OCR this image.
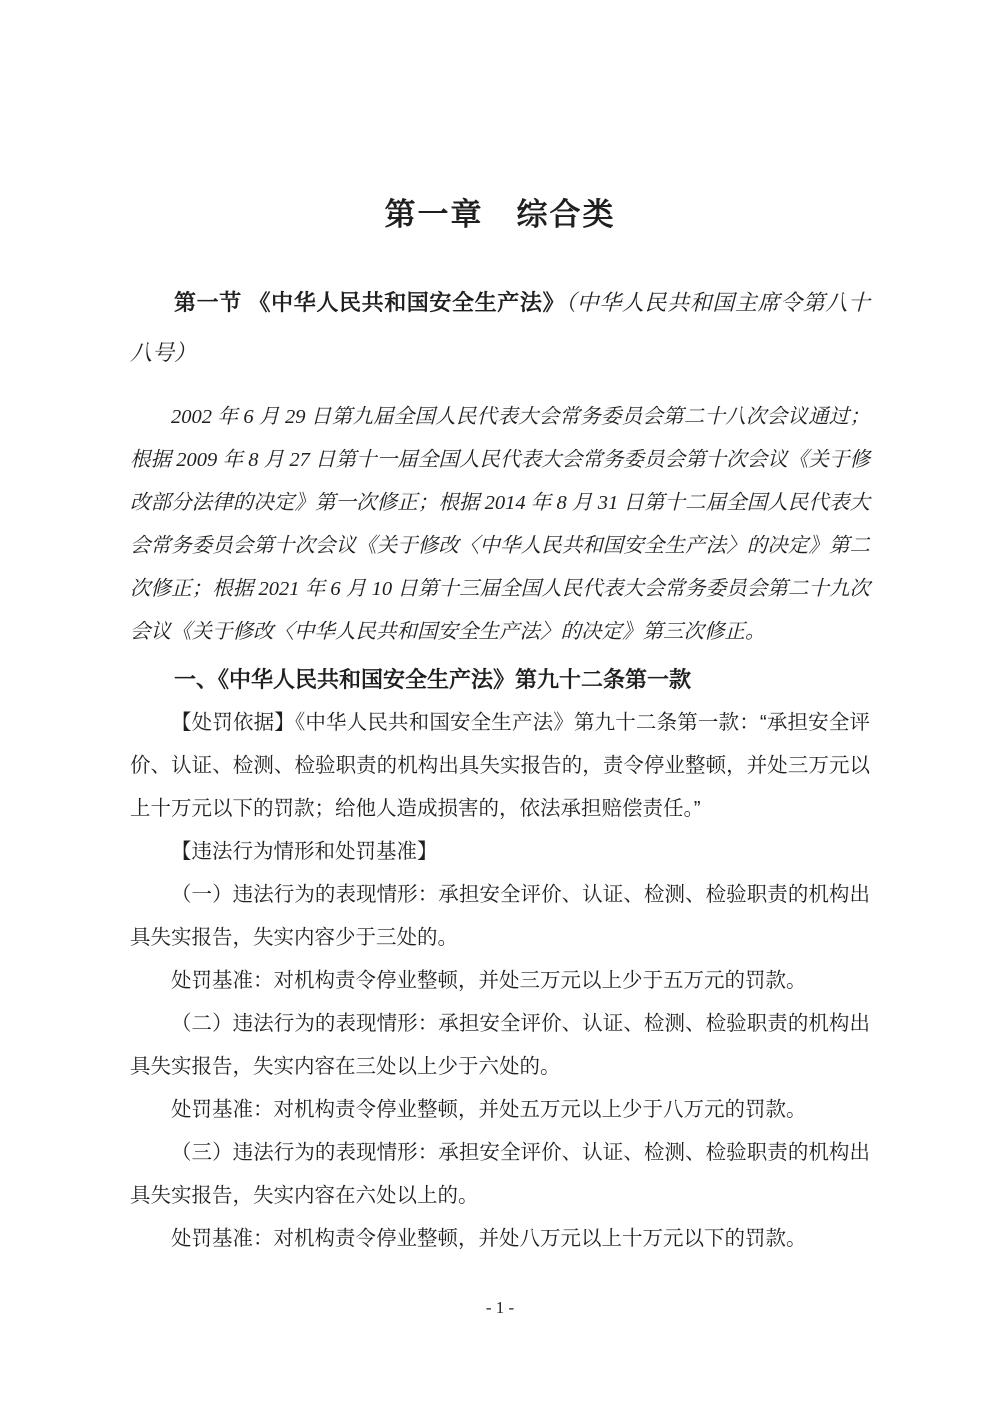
第一章　综合类

第一节 《中华人民共和国安全生产法》（中华人民共和国主席令第八十八号）

2002 年 6 月 29 日第九届全国人民代表大会常务委员会第二十八次会议通过；根据 2009 年 8 月 27 日第十一届全国人民代表大会常务委员会第十次会议《关于修改部分法律的决定》第一次修正；根据 2014 年 8 月 31 日第十二届全国人民代表大会常务委员会第十次会议《关于修改〈中华人民共和国安全生产法〉的决定》第二次修正；根据 2021 年 6 月 10 日第十三届全国人民代表大会常务委员会第二十九次会议《关于修改〈中华人民共和国安全生产法〉的决定》第三次修正。

一、《中华人民共和国安全生产法》第九十二条第一款

【处罚依据】《中华人民共和国安全生产法》第九十二条第一款：“承担安全评价、认证、检测、检验职责的机构出具失实报告的，责令停业整顿，并处三万元以上十万元以下的罚款；给他人造成损害的，依法承担赔偿责任。”

【违法行为情形和处罚基准】

（一）违法行为的表现情形：承担安全评价、认证、检测、检验职责的机构出具失实报告，失实内容少于三处的。

处罚基准：对机构责令停业整顿，并处三万元以上少于五万元的罚款。

（二）违法行为的表现情形：承担安全评价、认证、检测、检验职责的机构出具失实报告，失实内容在三处以上少于六处的。

处罚基准：对机构责令停业整顿，并处五万元以上少于八万元的罚款。

（三）违法行为的表现情形：承担安全评价、认证、检测、检验职责的机构出具失实报告，失实内容在六处以上的。

处罚基准：对机构责令停业整顿，并处八万元以上十万元以下的罚款。

- 1 -
